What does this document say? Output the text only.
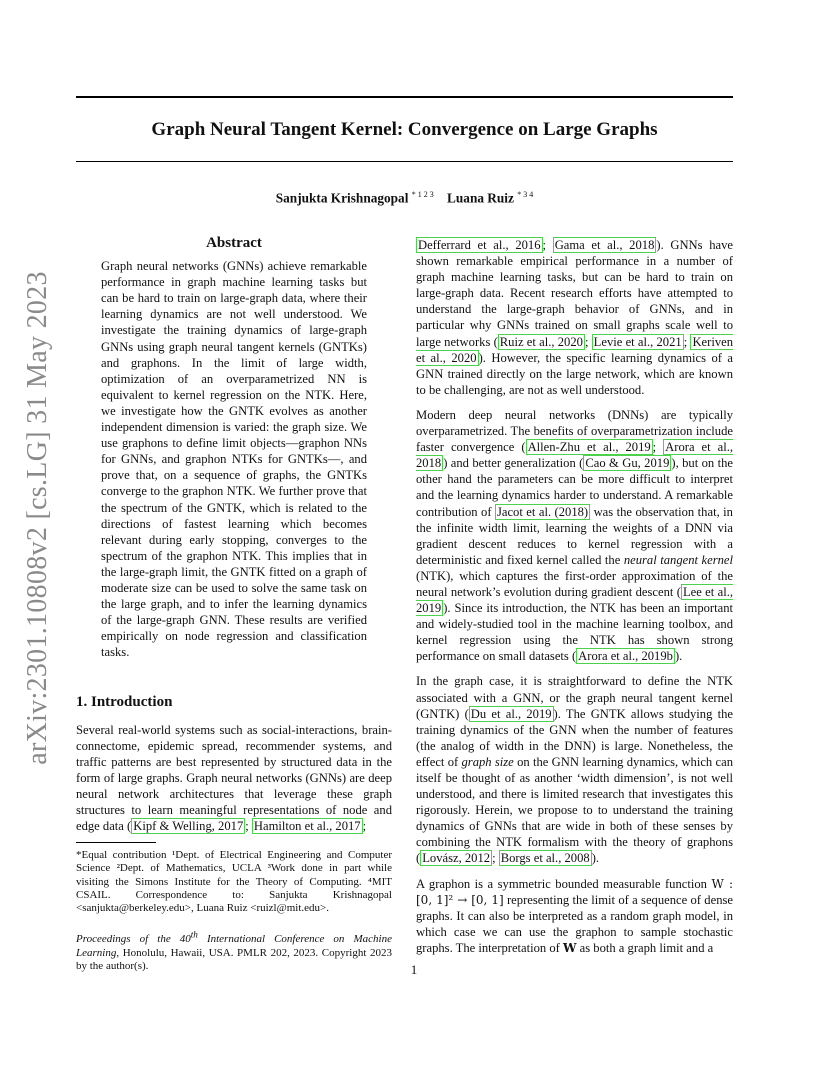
Graph Neural Tangent Kernel: Convergence on Large Graphs
Sanjukta Krishnagopal $^{* 1 2 3}$ Luana Ruiz $^{* 3 4}$
arXiv:2301.10808v2 [cs.LG] 31 May 2023

Abstract

Graph neural networks (GNNs) achieve remarkable performance in graph machine learning tasks but can be hard to train on large-graph data, where their learning dynamics are not well understood. We investigate the training dynamics of large-graph GNNs using graph neural tangent kernels (GNTKs) and graphons. In the limit of large width, optimization of an overparametrized NN is equivalent to kernel regression on the NTK. Here, we investigate how the GNTK evolves as another independent dimension is varied: the graph size. We use graphons to define limit objects—graphon NNs for GNNs, and graphon NTKs for GNTKs—, and prove that, on a sequence of graphs, the GNTKs converge to the graphon NTK. We further prove that the spectrum of the GNTK, which is related to the directions of fastest learning which becomes relevant during early stopping, converges to the spectrum of the graphon NTK. This implies that in the large-graph limit, the GNTK fitted on a graph of moderate size can be used to solve the same task on the large graph, and to infer the learning dynamics of the large-graph GNN. These results are verified empirically on node regression and classification tasks.

1. Introduction

Several real-world systems such as social-interactions, brain-connectome, epidemic spread, recommender systems, and traffic patterns are best represented by structured data in the form of large graphs. Graph neural networks (GNNs) are deep neural network architectures that leverage these graph structures to learn meaningful representations of node and edge data ( Kipf & Welling, 2017 ; Hamilton et al., 2017 ;

*Equal contribution ¹Dept. of Electrical Engineering and Computer Science ²Dept. of Mathematics, UCLA ³Work done in part while visiting the Simons Institute for the Theory of Computing. ⁴MIT CSAIL. Correspondence to: Sanjukta Krishnagopal <sanjukta@berkeley.edu>, Luana Ruiz <ruizl@mit.edu>.

Proceedings of the 40th International Conference on Machine Learning, Honolulu, Hawaii, USA. PMLR 202, 2023. Copyright 2023 by the author(s).

Defferrard et al., 2016 ; Gama et al., 2018 ). GNNs have shown remarkable empirical performance in a number of graph machine learning tasks, but can be hard to train on large-graph data. Recent research efforts have attempted to understand the large-graph behavior of GNNs, and in particular why GNNs trained on small graphs scale well to large networks ( Ruiz et al., 2020 ; Levie et al., 2021 ; Keriven et al., 2020 ). However, the specific learning dynamics of a GNN trained directly on the large network, which are known to be challenging, are not as well understood.

Modern deep neural networks (DNNs) are typically overparametrized. The benefits of overparametrization include faster convergence ( Allen-Zhu et al., 2019 ; Arora et al., 2018 ) and better generalization ( Cao & Gu, 2019 ), but on the other hand the parameters can be more difficult to interpret and the learning dynamics harder to understand. A remarkable contribution of Jacot et al. (2018) was the observation that, in the infinite width limit, learning the weights of a DNN via gradient descent reduces to kernel regression with a deterministic and fixed kernel called the neural tangent kernel (NTK), which captures the first-order approximation of the neural network’s evolution during gradient descent ( Lee et al., 2019 ). Since its introduction, the NTK has been an important and widely-studied tool in the machine learning toolbox, and kernel regression using the NTK has shown strong performance on small datasets ( Arora et al., 2019b ).

In the graph case, it is straightforward to define the NTK associated with a GNN, or the graph neural tangent kernel (GNTK) ( Du et al., 2019 ). The GNTK allows studying the training dynamics of the GNN when the number of features (the analog of width in the DNN) is large. Nonetheless, the effect of graph size on the GNN learning dynamics, which can itself be thought of as another ‘width dimension’, is not well understood, and there is limited research that investigates this rigorously. Herein, we propose to to understand the training dynamics of GNNs that are wide in both of these senses by combining the NTK formalism with the theory of graphons ( Lovász, 2012 ; Borgs et al., 2008 ).

A graphon is a symmetric bounded measurable function W : [0, 1]² → [0, 1] representing the limit of a sequence of dense graphs. It can also be interpreted as a random graph model, in which case we can use the graphon to sample stochastic graphs. The interpretation of W as both a graph limit and a

1
